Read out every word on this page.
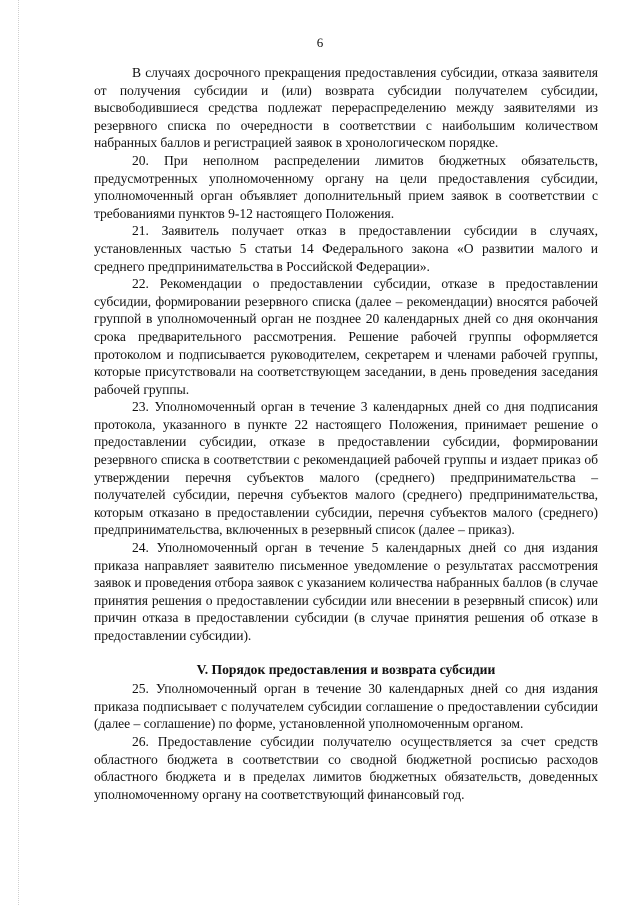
6

В случаях досрочного прекращения предоставления субсидии, отказа заявителя от получения субсидии и (или) возврата субсидии получателем субсидии, высвободившиеся средства подлежат перераспределению между заявителями из резервного списка по очередности в соответствии с наибольшим количеством набранных баллов и регистрацией заявок в хронологическом порядке.

20. При неполном распределении лимитов бюджетных обязательств, предусмотренных уполномоченному органу на цели предоставления субсидии, уполномоченный орган объявляет дополнительный прием заявок в соответствии с требованиями пунктов 9-12 настоящего Положения.

21. Заявитель получает отказ в предоставлении субсидии в случаях, установленных частью 5 статьи 14 Федерального закона «О развитии малого и среднего предпринимательства в Российской Федерации».

22. Рекомендации о предоставлении субсидии, отказе в предоставлении субсидии, формировании резервного списка (далее – рекомендации) вносятся рабочей группой в уполномоченный орган не позднее 20 календарных дней со дня окончания срока предварительного рассмотрения. Решение рабочей группы оформляется протоколом и подписывается руководителем, секретарем и членами рабочей группы, которые присутствовали на соответствующем заседании, в день проведения заседания рабочей группы.

23. Уполномоченный орган в течение 3 календарных дней со дня подписания протокола, указанного в пункте 22 настоящего Положения, принимает решение о предоставлении субсидии, отказе в предоставлении субсидии, формировании резервного списка в соответствии с рекомендацией рабочей группы и издает приказ об утверждении перечня субъектов малого (среднего) предпринимательства – получателей субсидии, перечня субъектов малого (среднего) предпринимательства, которым отказано в предоставлении субсидии, перечня субъектов малого (среднего) предпринимательства, включенных в резервный список (далее – приказ).

24. Уполномоченный орган в течение 5 календарных дней со дня издания приказа направляет заявителю письменное уведомление о результатах рассмотрения заявок и проведения отбора заявок с указанием количества набранных баллов (в случае принятия решения о предоставлении субсидии или внесении в резервный список) или причин отказа в предоставлении субсидии (в случае принятия решения об отказе в предоставлении субсидии).

V. Порядок предоставления и возврата субсидии

25. Уполномоченный орган в течение 30 календарных дней со дня издания приказа подписывает с получателем субсидии соглашение о предоставлении субсидии (далее – соглашение) по форме, установленной уполномоченным органом.

26. Предоставление субсидии получателю осуществляется за счет средств областного бюджета в соответствии со сводной бюджетной росписью расходов областного бюджета и в пределах лимитов бюджетных обязательств, доведенных уполномоченному органу на соответствующий финансовый год.
